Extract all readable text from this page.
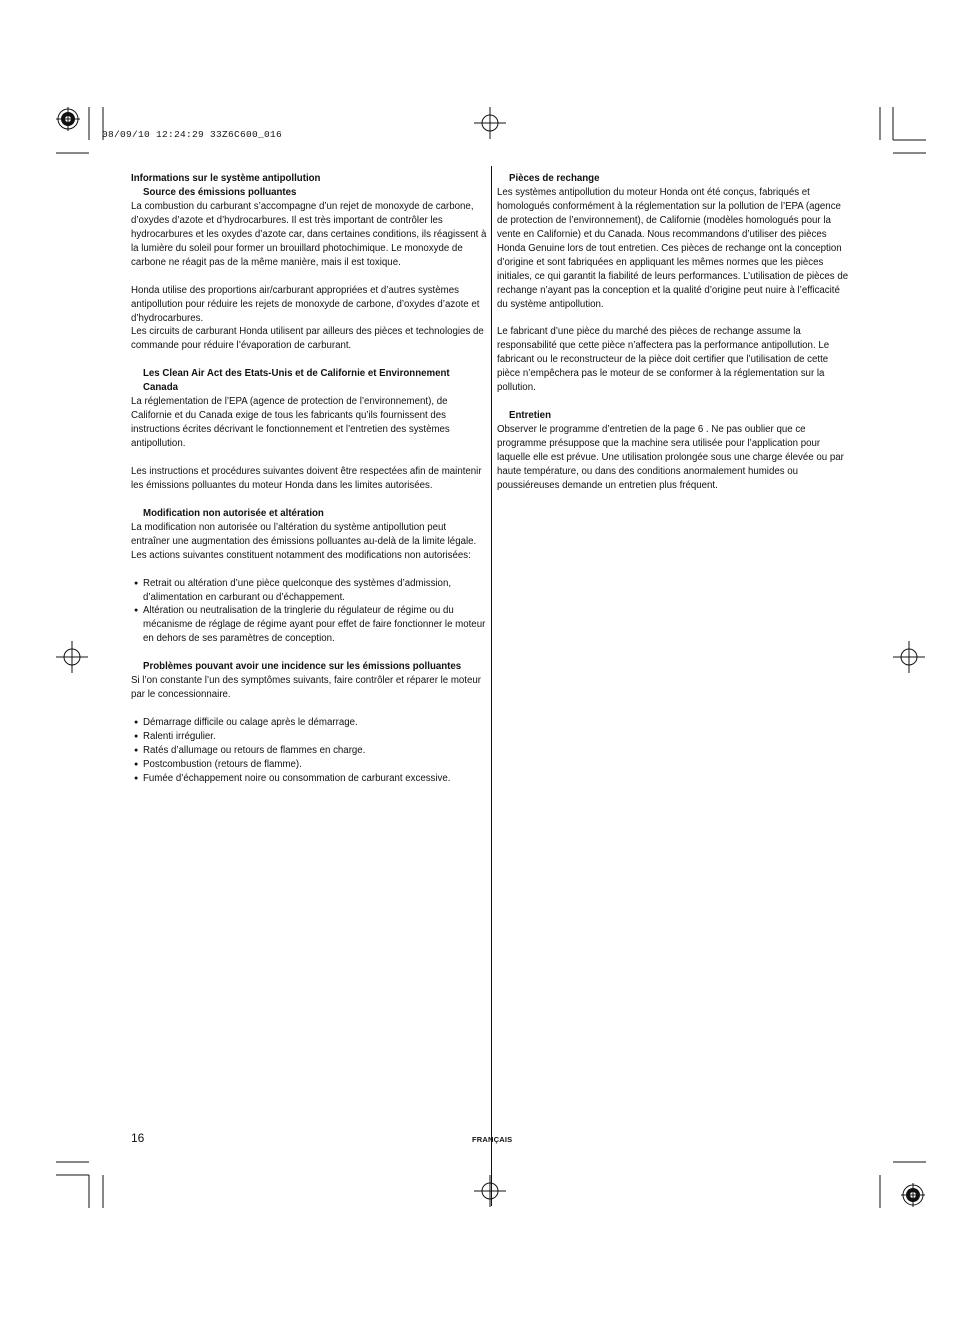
08/09/10 12:24:29 33Z6C600_016

Informations sur le système antipollution

Source des émissions polluantes

La combustion du carburant s’accompagne d’un rejet de monoxyde de carbone, d’oxydes d’azote et d’hydrocarbures. Il est très important de contrôler les hydrocarbures et les oxydes d’azote car, dans certaines conditions, ils réagissent à la lumière du soleil pour former un brouillard photochimique. Le monoxyde de carbone ne réagit pas de la même manière, mais il est toxique.

Honda utilise des proportions air/carburant appropriées et d’autres systèmes antipollution pour réduire les rejets de monoxyde de carbone, d’oxydes d’azote et d’hydrocarbures.

Les circuits de carburant Honda utilisent par ailleurs des pièces et technologies de commande pour réduire l’évaporation de carburant.

Les Clean Air Act des Etats-Unis et de Californie et Environnement Canada

La réglementation de l’EPA (agence de protection de l’environnement), de Californie et du Canada exige de tous les fabricants qu’ils fournissent des instructions écrites décrivant le fonctionnement et l’entretien des systèmes antipollution.

Les instructions et procédures suivantes doivent être respectées afin de maintenir les émissions polluantes du moteur Honda dans les limites autorisées.

Modification non autorisée et altération

La modification non autorisée ou l’altération du système antipollution peut entraîner une augmentation des émissions polluantes au-delà de la limite légale. Les actions suivantes constituent notamment des modifications non autorisées:

● Retrait ou altération d’une pièce quelconque des systèmes d’admission, d’alimentation en carburant ou d’échappement.
● Altération ou neutralisation de la tringlerie du régulateur de régime ou du mécanisme de réglage de régime ayant pour effet de faire fonctionner le moteur en dehors de ses paramètres de conception.

Problèmes pouvant avoir une incidence sur les émissions polluantes

Si l’on constante l’un des symptômes suivants, faire contrôler et réparer le moteur par le concessionnaire.

● Démarrage difficile ou calage après le démarrage.
● Ralenti irrégulier.
● Ratés d’allumage ou retours de flammes en charge.
● Postcombustion (retours de flamme).
● Fumée d’échappement noire ou consommation de carburant excessive.

Pièces de rechange

Les systèmes antipollution du moteur Honda ont été conçus, fabriqués et homologués conformément à la réglementation sur la pollution de l’EPA (agence de protection de l’environnement), de Californie (modèles homologués pour la vente en Californie) et du Canada. Nous recommandons d’utiliser des pièces Honda Genuine lors de tout entretien. Ces pièces de rechange ont la conception d’origine et sont fabriquées en appliquant les mêmes normes que les pièces initiales, ce qui garantit la fiabilité de leurs performances. L’utilisation de pièces de rechange n’ayant pas la conception et la qualité d’origine peut nuire à l’efficacité du système antipollution.

Le fabricant d’une pièce du marché des pièces de rechange assume la responsabilité que cette pièce n’affectera pas la performance antipollution. Le fabricant ou le reconstructeur de la pièce doit certifier que l’utilisation de cette pièce n’empêchera pas le moteur de se conformer à la réglementation sur la pollution.

Entretien

Observer le programme d’entretien de la page 6 . Ne pas oublier que ce programme présuppose que la machine sera utilisée pour l’application pour laquelle elle est prévue. Une utilisation prolongée sous une charge élevée ou par haute température, ou dans des conditions anormalement humides ou poussiéreuses demande un entretien plus fréquent.

16	FRANÇAIS
